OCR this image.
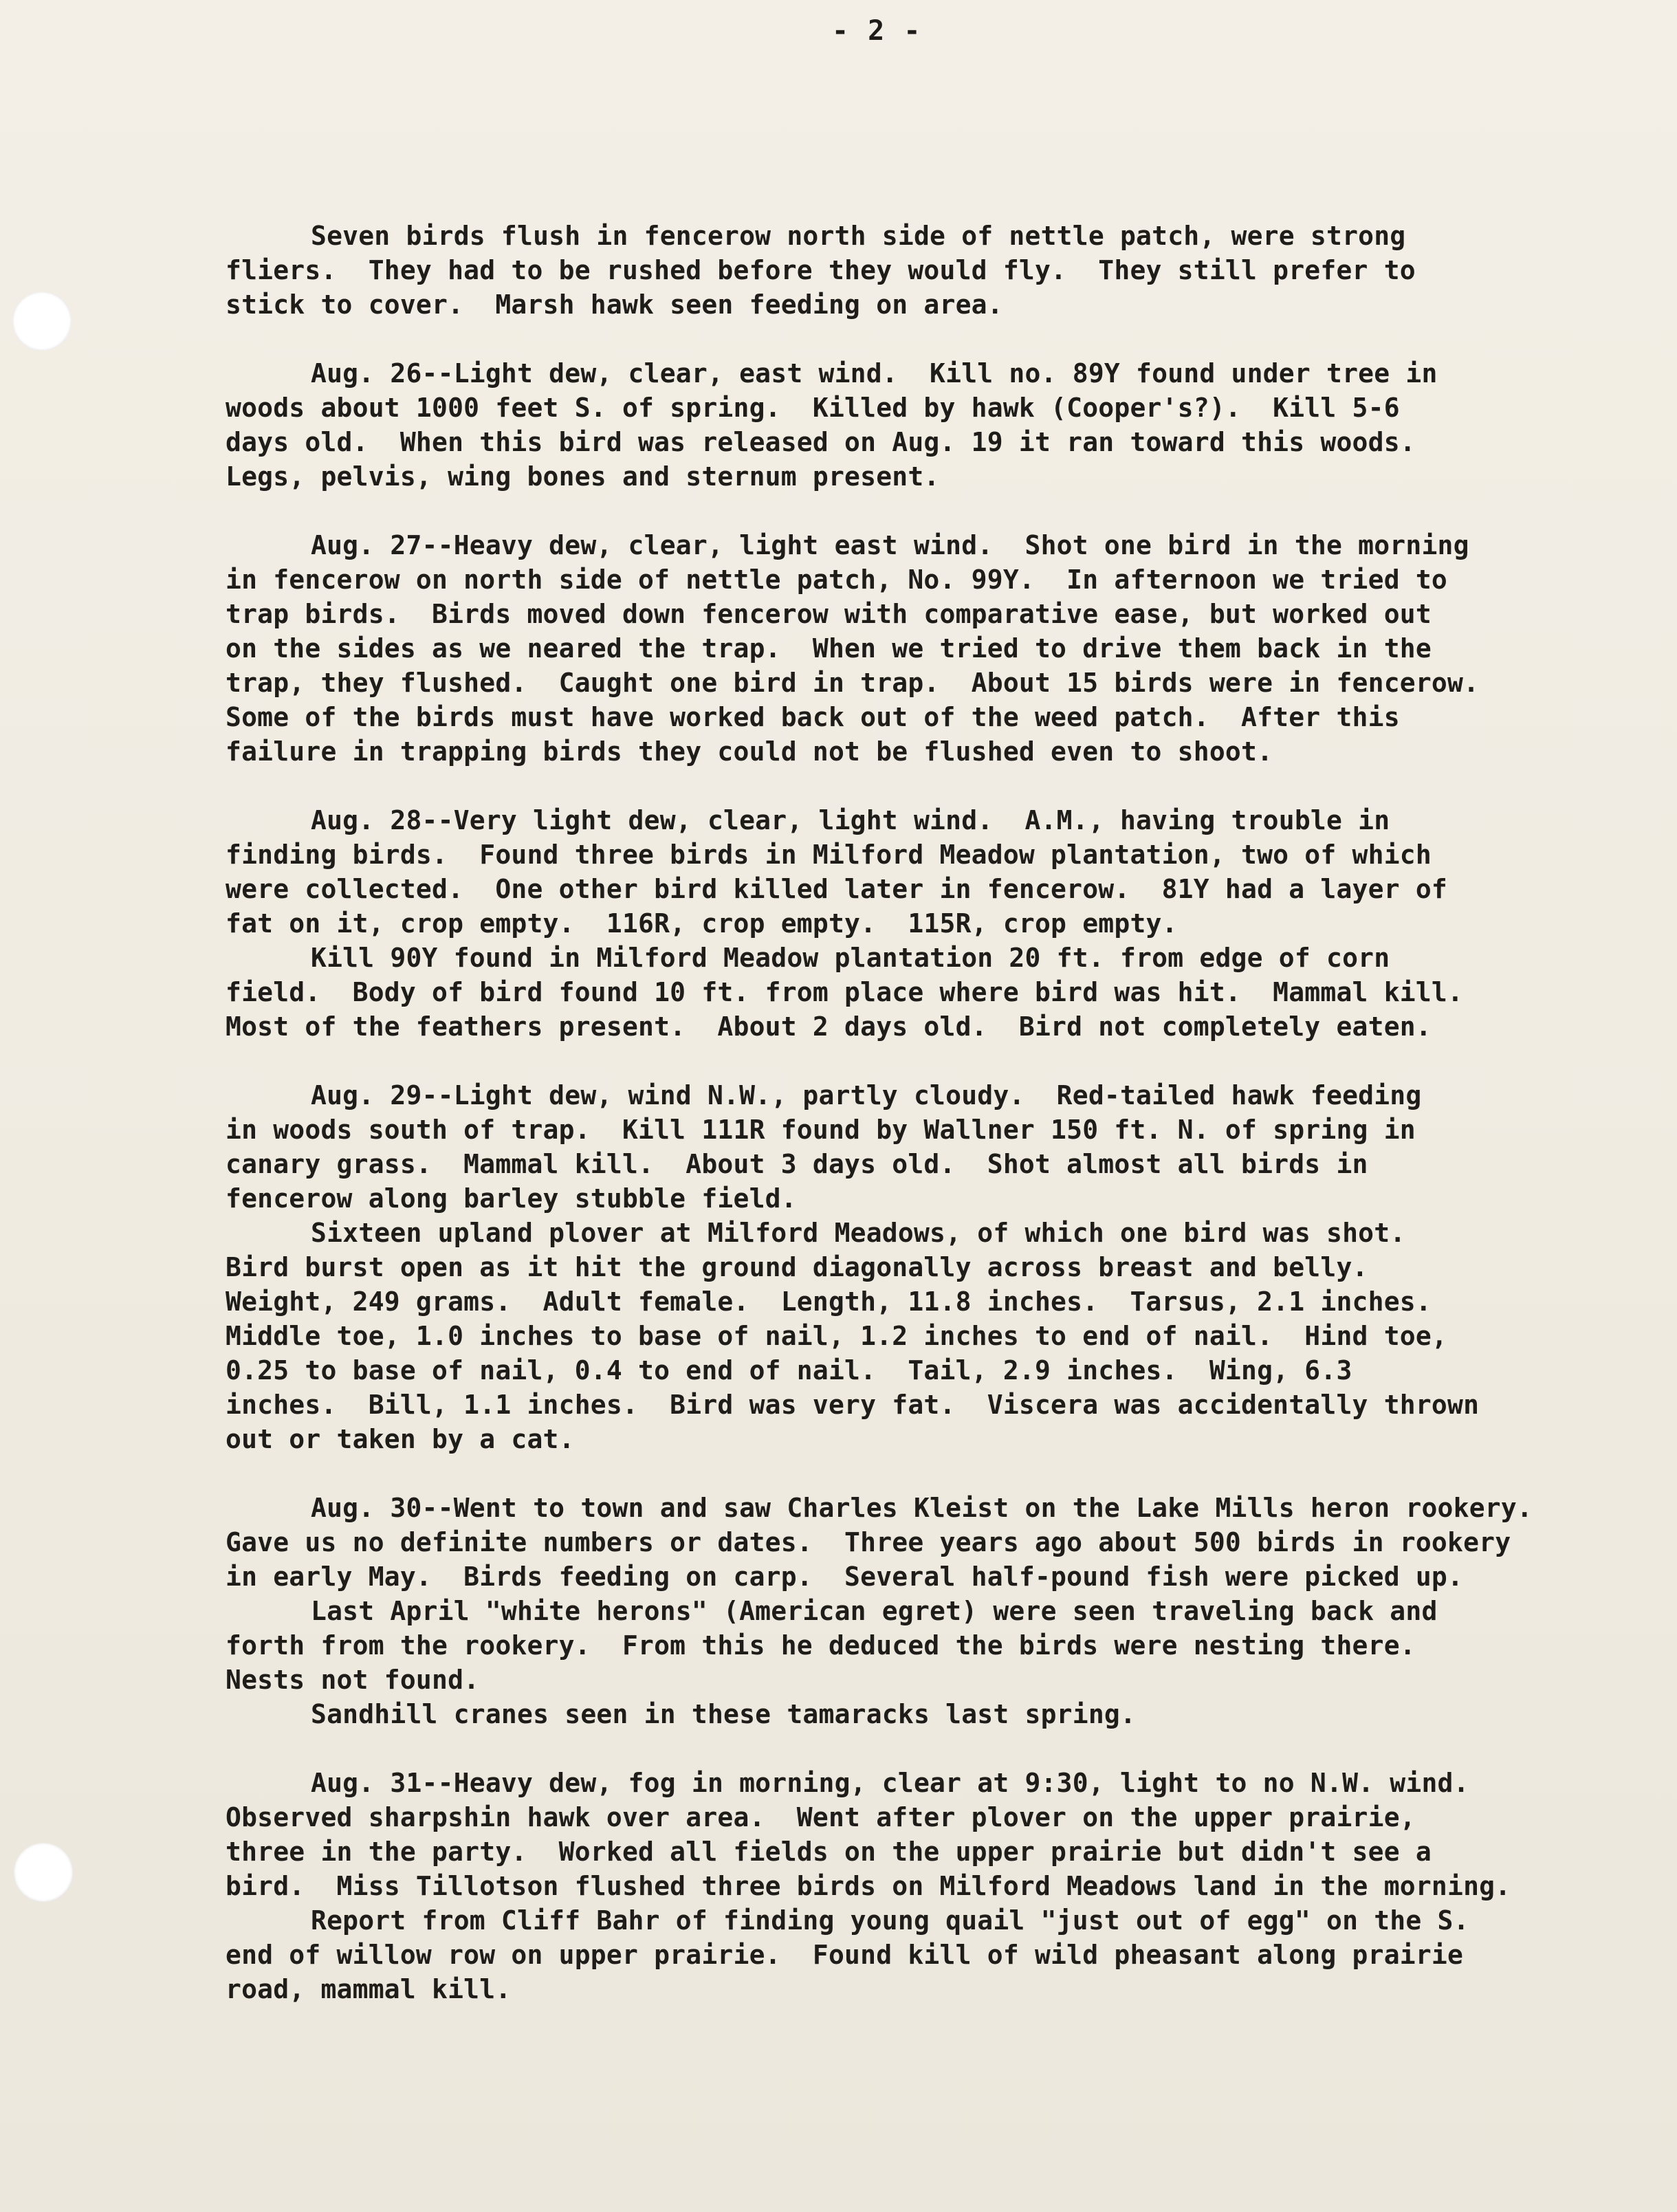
- 2 -
Seven birds flush in fencerow north side of nettle patch, were strong
fliers.  They had to be rushed before they would fly.  They still prefer to
stick to cover.  Marsh hawk seen feeding on area.
Aug. 26--Light dew, clear, east wind.  Kill no. 89Y found under tree in
woods about 1000 feet S. of spring.  Killed by hawk (Cooper's?).  Kill 5-6
days old.  When this bird was released on Aug. 19 it ran toward this woods.
Legs, pelvis, wing bones and sternum present.
Aug. 27--Heavy dew, clear, light east wind.  Shot one bird in the morning
in fencerow on north side of nettle patch, No. 99Y.  In afternoon we tried to
trap birds.  Birds moved down fencerow with comparative ease, but worked out
on the sides as we neared the trap.  When we tried to drive them back in the
trap, they flushed.  Caught one bird in trap.  About 15 birds were in fencerow.
Some of the birds must have worked back out of the weed patch.  After this
failure in trapping birds they could not be flushed even to shoot.
Aug. 28--Very light dew, clear, light wind.  A.M., having trouble in
finding birds.  Found three birds in Milford Meadow plantation, two of which
were collected.  One other bird killed later in fencerow.  81Y had a layer of
fat on it, crop empty.  116R, crop empty.  115R, crop empty.
Kill 90Y found in Milford Meadow plantation 20 ft. from edge of corn
field.  Body of bird found 10 ft. from place where bird was hit.  Mammal kill.
Most of the feathers present.  About 2 days old.  Bird not completely eaten.
Aug. 29--Light dew, wind N.W., partly cloudy.  Red-tailed hawk feeding
in woods south of trap.  Kill 111R found by Wallner 150 ft. N. of spring in
canary grass.  Mammal kill.  About 3 days old.  Shot almost all birds in
fencerow along barley stubble field.
Sixteen upland plover at Milford Meadows, of which one bird was shot.
Bird burst open as it hit the ground diagonally across breast and belly.
Weight, 249 grams.  Adult female.  Length, 11.8 inches.  Tarsus, 2.1 inches.
Middle toe, 1.0 inches to base of nail, 1.2 inches to end of nail.  Hind toe,
0.25 to base of nail, 0.4 to end of nail.  Tail, 2.9 inches.  Wing, 6.3
inches.  Bill, 1.1 inches.  Bird was very fat.  Viscera was accidentally thrown
out or taken by a cat.
Aug. 30--Went to town and saw Charles Kleist on the Lake Mills heron rookery.
Gave us no definite numbers or dates.  Three years ago about 500 birds in rookery
in early May.  Birds feeding on carp.  Several half-pound fish were picked up.
Last April "white herons" (American egret) were seen traveling back and
forth from the rookery.  From this he deduced the birds were nesting there.
Nests not found.
Sandhill cranes seen in these tamaracks last spring.
Aug. 31--Heavy dew, fog in morning, clear at 9:30, light to no N.W. wind.
Observed sharpshin hawk over area.  Went after plover on the upper prairie,
three in the party.  Worked all fields on the upper prairie but didn't see a
bird.  Miss Tillotson flushed three birds on Milford Meadows land in the morning.
Report from Cliff Bahr of finding young quail "just out of egg" on the S.
end of willow row on upper prairie.  Found kill of wild pheasant along prairie
road, mammal kill.
